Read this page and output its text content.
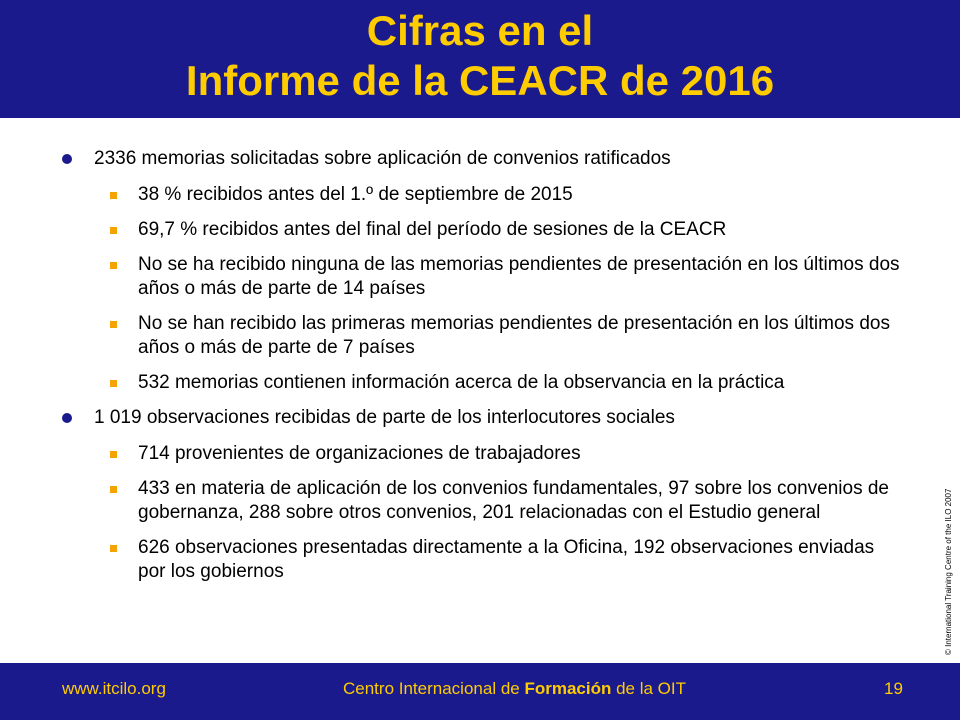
Cifras en el
Informe de la CEACR de 2016
2336 memorias solicitadas sobre aplicación de convenios ratificados
38 % recibidos antes del 1.º de septiembre de 2015
69,7 % recibidos antes del final del período de sesiones de la CEACR
No se ha recibido ninguna de las memorias pendientes de presentación en los últimos dos años o más de parte de 14 países
No se han recibido las primeras memorias pendientes de presentación en los últimos dos años o más de parte de 7 países
532 memorias contienen información acerca de la observancia en la práctica
1 019 observaciones recibidas de parte de los interlocutores sociales
714 provenientes de organizaciones de trabajadores
433 en materia de aplicación de los convenios fundamentales, 97 sobre los convenios de gobernanza, 288 sobre otros convenios, 201 relacionadas con el Estudio general
626 observaciones presentadas directamente a la Oficina, 192 observaciones enviadas por los gobiernos	© International Training Centre of the ILO 2007
www.itcilo.org	Centro Internacional de Formación de la OIT	19
